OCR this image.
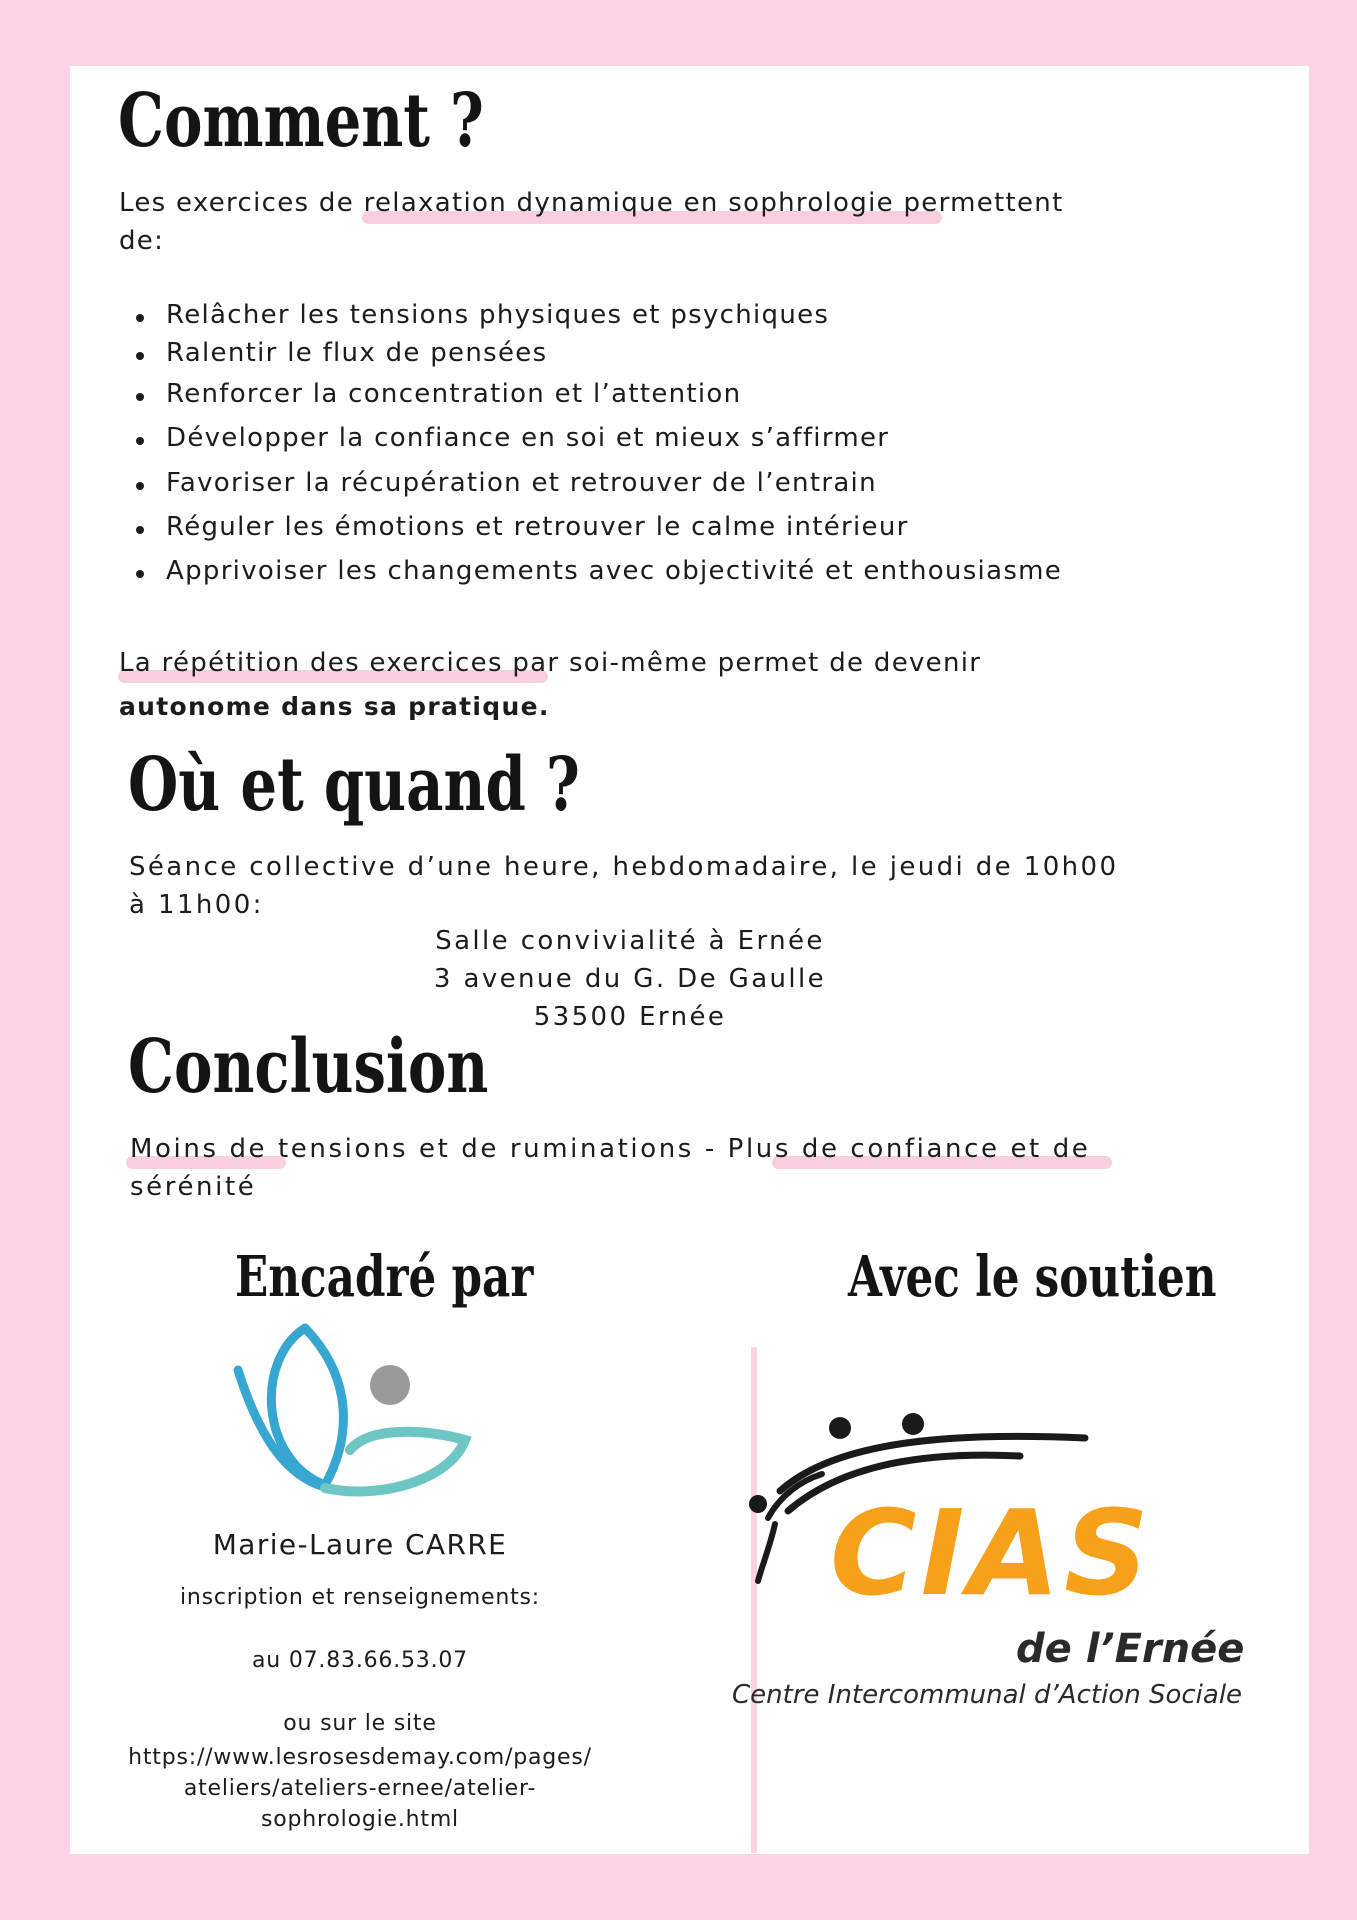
Comment ?
Les exercices de relaxation dynamique en sophrologie permettent
de:
Relâcher les tensions physiques et psychiques
Ralentir le flux de pensées
Renforcer la concentration et l’attention
Développer la confiance en soi et mieux s’affirmer
Favoriser la récupération et retrouver de l’entrain
Réguler les émotions et retrouver le calme intérieur
Apprivoiser les changements avec objectivité et enthousiasme
La répétition des exercices par soi-même permet de devenir
autonome dans sa pratique.
Où et quand ?
Séance collective d’une heure, hebdomadaire, le jeudi de 10h00
à 11h00:
Salle convivialité à Ernée
3 avenue du G. De Gaulle
53500 Ernée
Conclusion
Moins de tensions et de ruminations - Plus de confiance et de
sérénité
Encadré par
Marie-Laure CARRE
inscription et renseignements:
au 07.83.66.53.07
ou sur le site
https://www.lesrosesdemay.com/pages/
ateliers/ateliers-ernee/atelier-
sophrologie.html
Avec le soutien
CIAS
de l’Ernée
Centre Intercommunal d’Action Sociale
